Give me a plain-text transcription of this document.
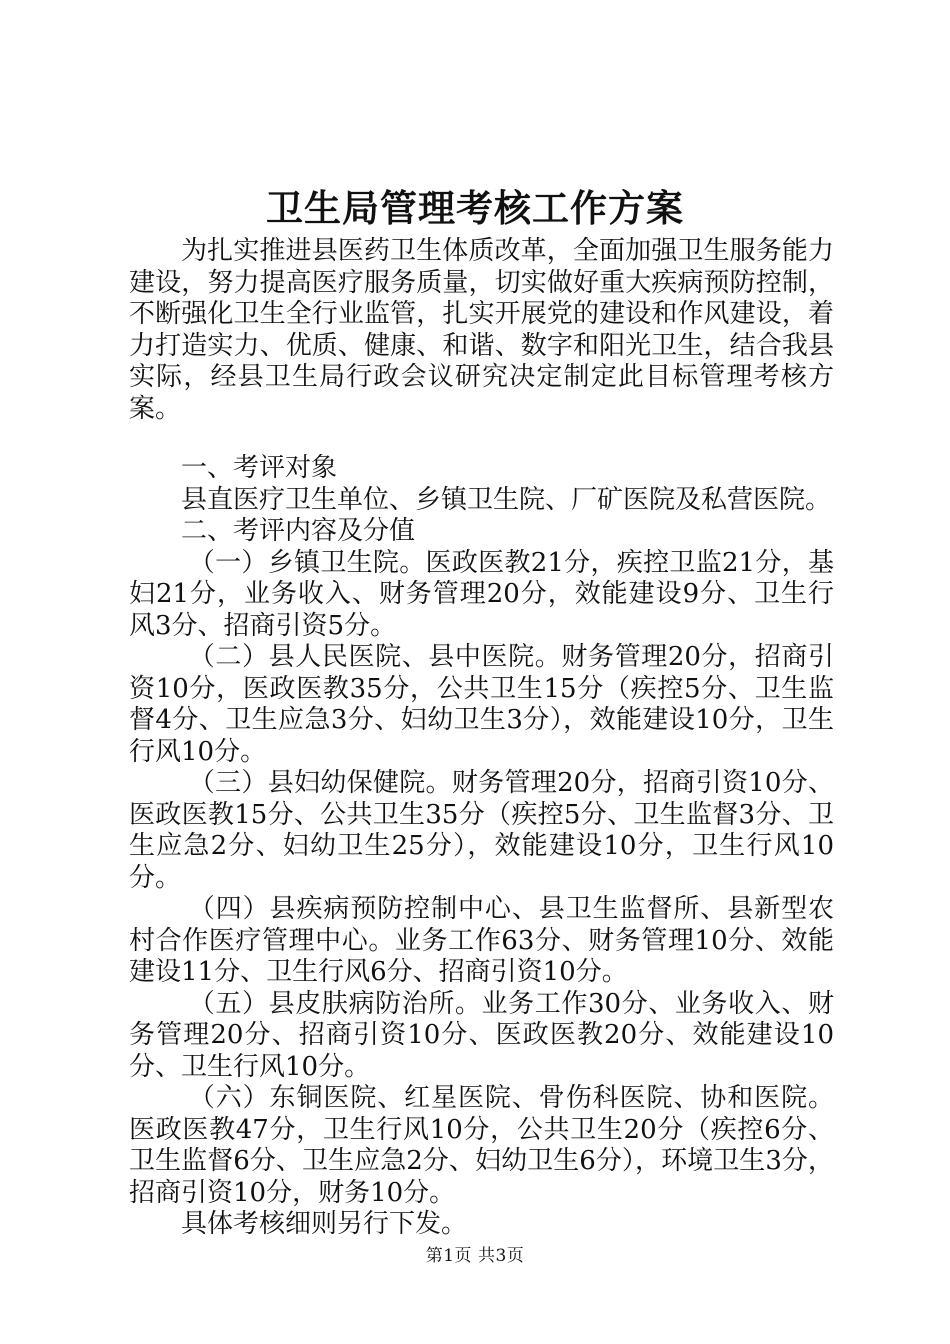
卫生局管理考核工作方案

为扎实推进县医药卫生体质改革，全面加强卫生服务能力建设，努力提高医疗服务质量，切实做好重大疾病预防控制，不断强化卫生全行业监管，扎实开展党的建设和作风建设，着力打造实力、优质、健康、和谐、数字和阳光卫生，结合我县实际，经县卫生局行政会议研究决定制定此目标管理考核方案。

一、考评对象

县直医疗卫生单位、乡镇卫生院、厂矿医院及私营医院。

二、考评内容及分值

（一）乡镇卫生院。医政医教21分，疾控卫监21分，基妇21分，业务收入、财务管理20分，效能建设9分、卫生行风3分、招商引资5分。

（二）县人民医院、县中医院。财务管理20分，招商引资10分，医政医教35分，公共卫生15分（疾控5分、卫生监督4分、卫生应急3分、妇幼卫生3分），效能建设10分，卫生行风10分。

（三）县妇幼保健院。财务管理20分，招商引资10分、医政医教15分、公共卫生35分（疾控5分、卫生监督3分、卫生应急2分、妇幼卫生25分），效能建设10分，卫生行风10分。

（四）县疾病预防控制中心、县卫生监督所、县新型农村合作医疗管理中心。业务工作63分、财务管理10分、效能建设11分、卫生行风6分、招商引资10分。

（五）县皮肤病防治所。业务工作30分、业务收入、财务管理20分、招商引资10分、医政医教20分、效能建设10分、卫生行风10分。

（六）东铜医院、红星医院、骨伤科医院、协和医院。医政医教47分，卫生行风10分，公共卫生20分（疾控6分、卫生监督6分、卫生应急2分、妇幼卫生6分），环境卫生3分，招商引资10分，财务10分。

具体考核细则另行下发。

第1页 共3页
